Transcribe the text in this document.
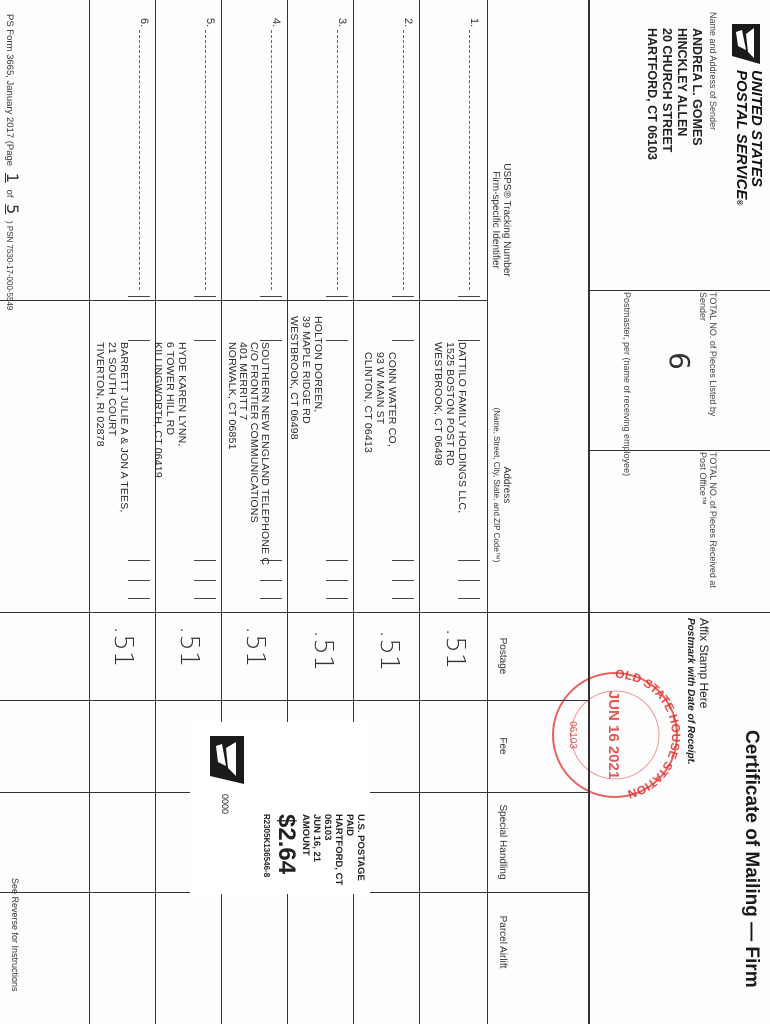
UNITED STATES
POSTAL SERVICE®
Certificate of Mailing — Firm
Name and Address of Sender
ANDREA L. GOMES
HINCKLEY ALLEN
20 CHURCH STREET
HARTFORD, CT 06103
TOTAL NO. of Pieces Listed by Sender
6
TOTAL NO. of Pieces Received at Post Office™
Postmaster, per (name of receiving employee)
Affix Stamp Here
Postmark with Date of Receipt.
OLD STATE HOUSE STATION
JUN 16 2021
06103
USPS® Tracking Number
Firm-specific Identifier
Address
(Name, Street, City, State, and ZIP Code™)
Postage
Fee
Special Handling
Parcel Airlift
1.
2.
3.
4.
5.
6.
DATTILO FAMILY HOLDINGS LLC,
1525 BOSTON POST RD
WESTBROOK, CT 06498
CONN WATER CO,
93 W MAIN ST
CLINTON, CT 06413
HOLTON DOREEN,
39 MAPLE RIDGE RD
WESTBROOK, CT 06498
SOUTHERN NEW ENGLAND TELEPHONE C
C/O FRONTIER COMMUNICATIONS
401 MERRITT 7
NORWALK, CT 06851
HYDE KAREN LYNN,
6 TOWER HILL RD
KILLINGWORTH, CT 06419
BARRETT JULIE A & JON A TEES,
21 SOUTH COURT
TIVERTON, RI 02878
.51
.51
.51
.51
.51
.51
0000
U.S. POSTAGE PAID
HARTFORD, CT
06103
JUN 16, 21
AMOUNT
$2.64
R2305K136546-8
PS Form 3665, January 2017 (Page 1 of 5 ) PSN 7530-17-000-5549
See Reverse for Instructions
